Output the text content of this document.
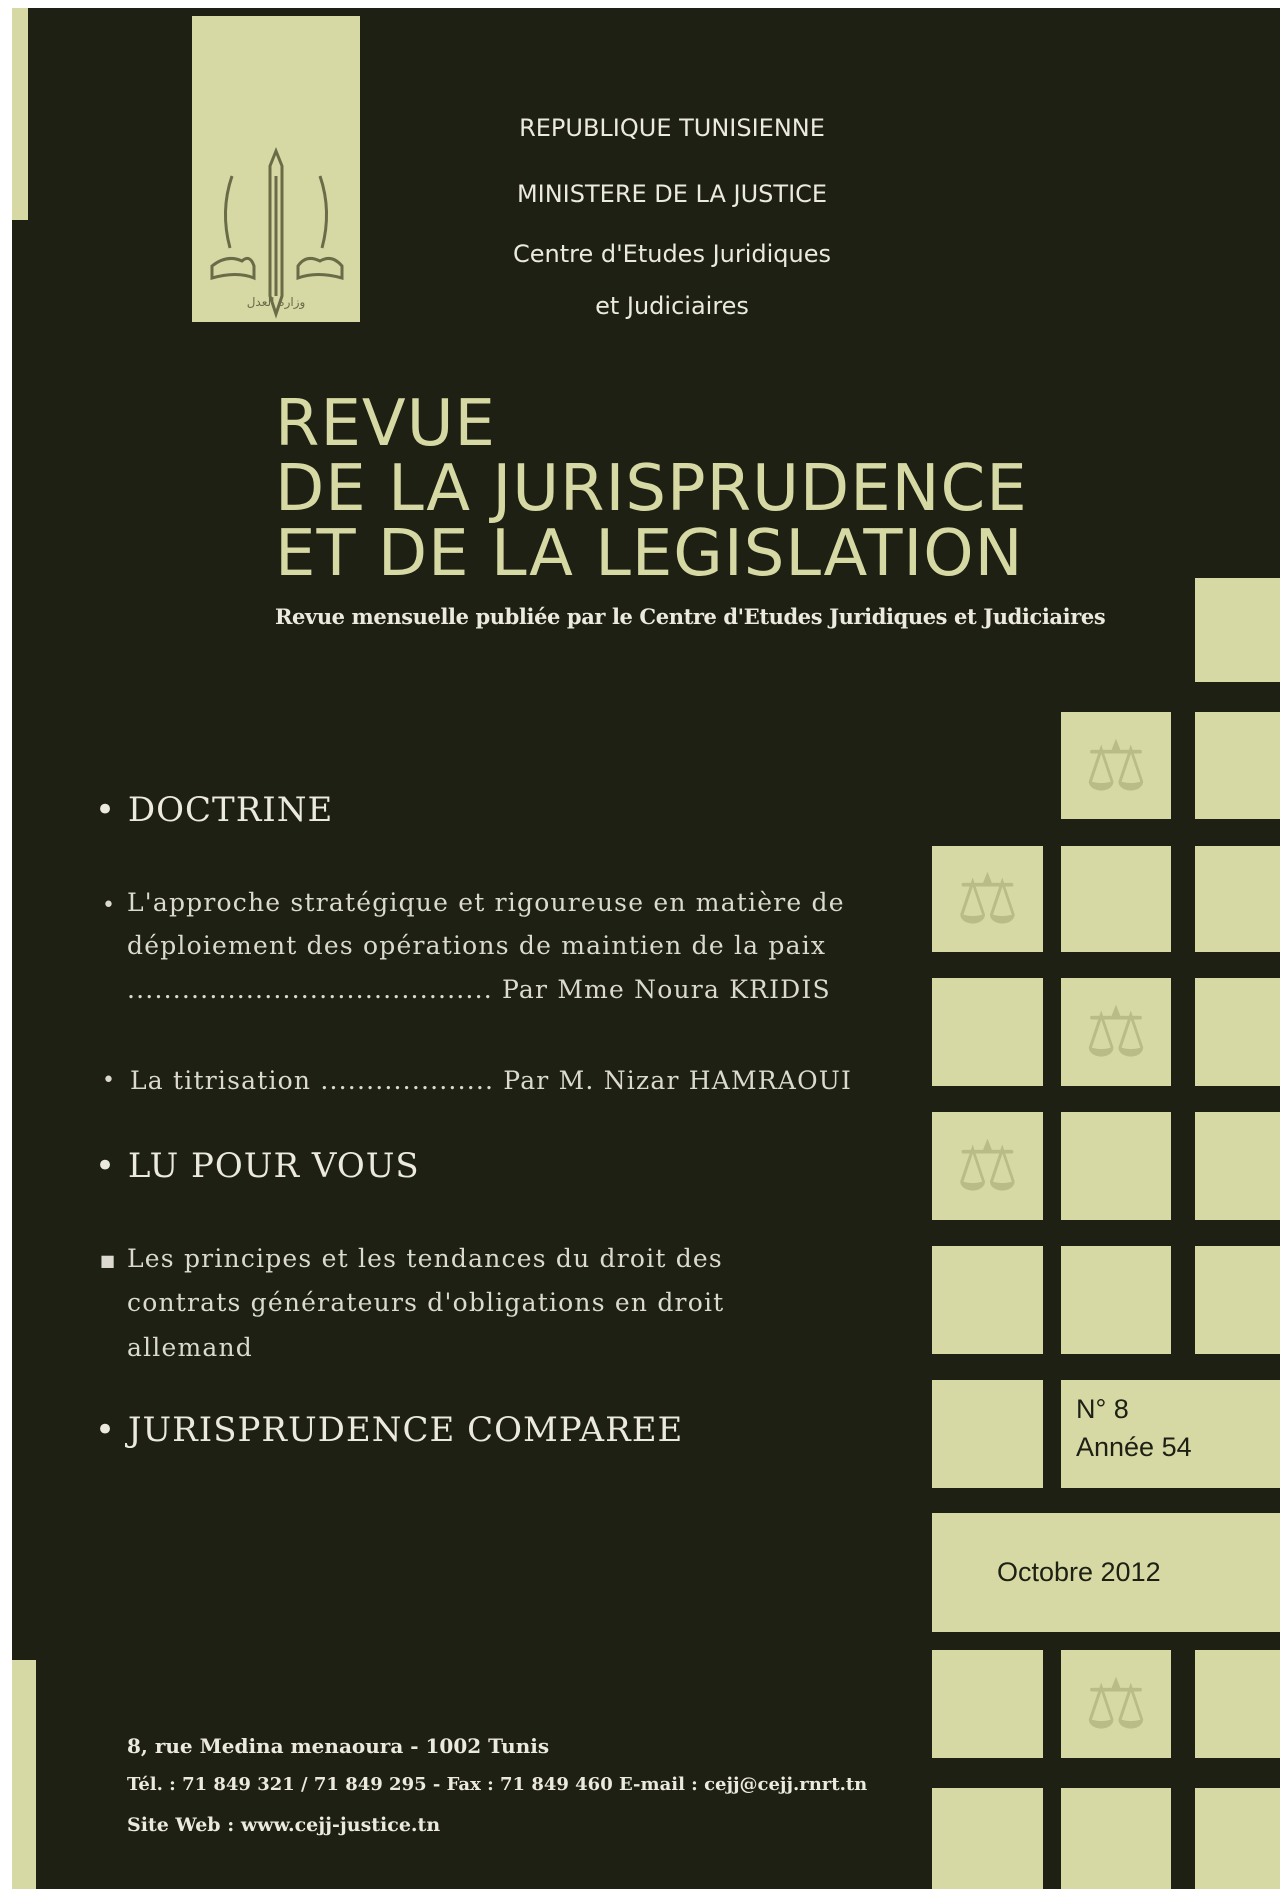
وزارة العدل
REPUBLIQUE TUNISIENNE
MINISTERE DE LA JUSTICE
Centre d'Etudes Juridiques
et Judiciaires
REVUE
DE LA JURISPRUDENCE
ET DE LA LEGISLATION
Revue mensuelle publiée par le Centre d'Etudes Juridiques et Judiciaires
• DOCTRINE
• L'approche stratégique et rigoureuse en matière de
déploiement des opérations de maintien de la paix
........................................ Par Mme Noura KRIDIS
• La titrisation ................... Par M. Nizar HAMRAOUI
• LU POUR VOUS
■ Les principes et les tendances du droit des
contrats générateurs d'obligations en droit
allemand
• JURISPRUDENCE COMPAREE
⚖
⚖
⚖
⚖
N° 8
Année 54
Octobre 2012
⚖
8, rue Medina menaoura - 1002 Tunis
Tél. : 71 849 321 / 71 849 295 - Fax : 71 849 460 E-mail : cejj@cejj.rnrt.tn
Site Web : www.cejj-justice.tn
